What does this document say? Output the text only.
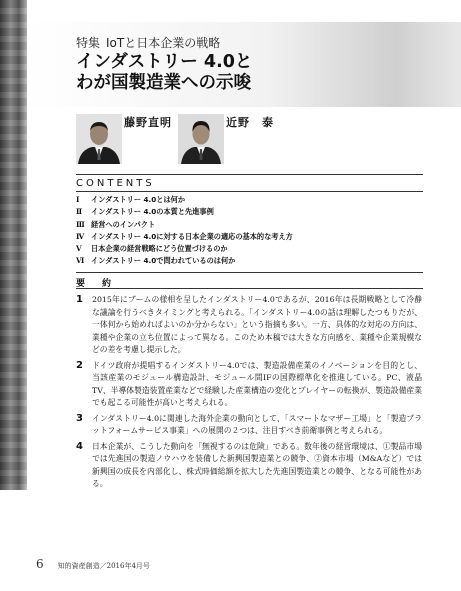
特集 IoTと日本企業の戦略
インダストリー 4.0と
わが国製造業への示唆
藤野直明	近野　泰
CONTENTS
Ⅰ インダストリー 4.0とは何か
Ⅱ インダストリー 4.0の本質と先進事例
Ⅲ 経営へのインパクト
Ⅳ インダストリー 4.0に対する日本企業の適応の基本的な考え方
Ⅴ 日本企業の経営戦略にどう位置づけるのか
Ⅵ インダストリー 4.0で問われているのは何か
要　約
1 2015年にブームの様相を呈したインダストリー4.0であるが、2016年は長期戦略として冷静な議論を行うべきタイミングと考えられる。「インダストリー4.0の話は理解したつもりだが、一体何から始めればよいのか分からない」という指摘も多い。一方、具体的な対応の方向は、業種や企業の立ち位置によって異なる。このため本稿では大きな方向感を、業種や企業規模などの差を考慮し提示した。
2 ドイツ政府が提唱するインダストリー4.0では、製造設備産業のイノベーションを目的とし、当該産業のモジュール構造設計、モジュール間IFの国際標準化を推進している。PC、液晶TV、半導体製造装置産業などで経験した産業構造の変化とプレイヤーの転換が、製造設備産業でも起こる可能性が高いと考えられる。
3 インダストリー4.0に関連した海外企業の動向として、「スマートなマザー工場」と「製造プラットフォームサービス事業」への展開の２つは、注目すべき前衛事例と考えられる。
4 日本企業が、こうした動向を「無視するのは危険」である。数年後の経営環境は、①製品市場では先進国の製造ノウハウを装備した新興国製造業との競争、②資本市場（M&Aなど）では新興国の成長を内部化し、株式時価総額を拡大した先進国製造業との競争、となる可能性がある。
6 知的資産創造／2016年4月号
